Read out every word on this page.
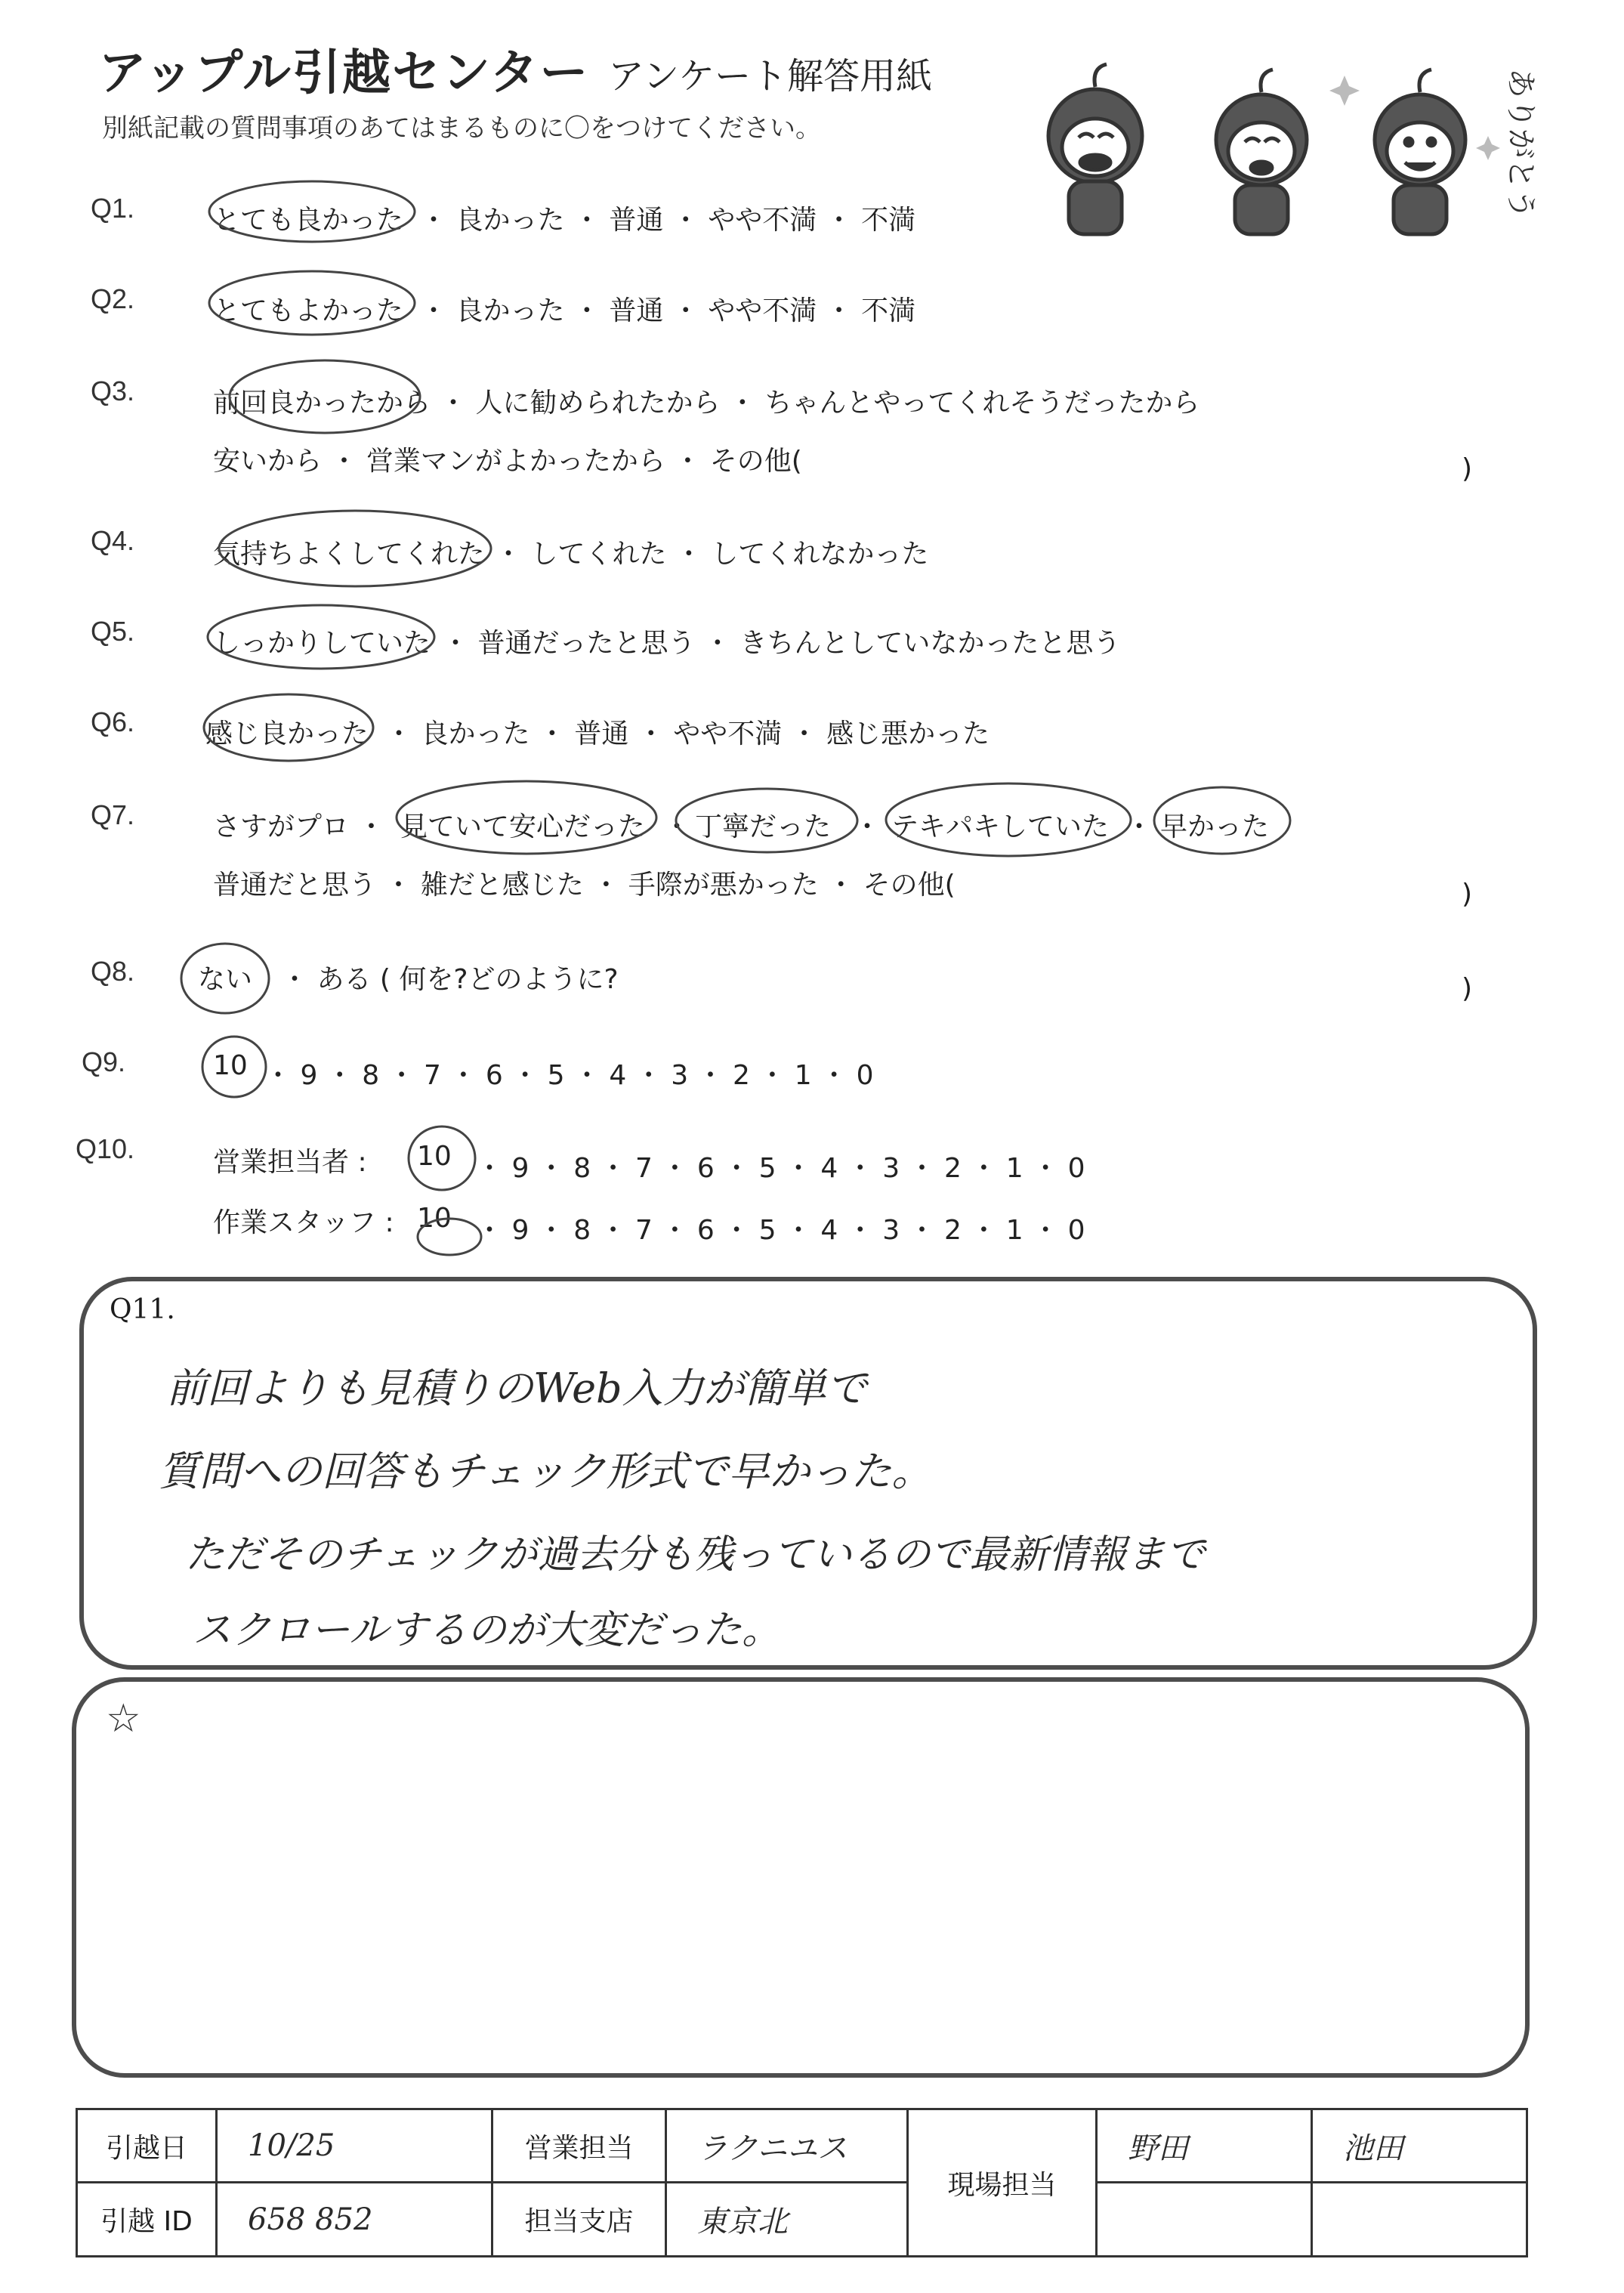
アップル引越センター アンケート解答用紙
別紙記載の質問事項のあてはまるものに〇をつけてください。	ありがとう
Q1.	とても良かった ・ 良かった ・ 普通 ・ やや不満 ・ 不満
Q2.	とてもよかった ・ 良かった ・ 普通 ・ やや不満 ・ 不満
Q3.	前回良かったから ・ 人に勧められたから ・ ちゃんとやってくれそうだったから
安いから ・ 営業マンがよかったから ・ その他(	)
Q4.	気持ちよくしてくれた ・ してくれた ・ してくれなかった
Q5.	しっかりしていた ・ 普通だったと思う ・ きちんとしていなかったと思う
Q6.	感じ良かった ・ 良かった ・ 普通 ・ やや不満 ・ 感じ悪かった
Q7.	さすがプロ ・ 見ていて安心だった ・ 丁寧だった ・ テキパキしていた ・ 早かった
普通だと思う ・ 雑だと感じた ・ 手際が悪かった ・ その他(	)
Q8. ない ・ ある ( 何を?どのように?	)
Q9.	10 ・ 9 ・ 8 ・ 7 ・ 6 ・ 5 ・ 4 ・ 3 ・ 2 ・ 1 ・ 0
Q10.	営業担当者 : 10 ・ 9 ・ 8 ・ 7 ・ 6 ・ 5 ・ 4 ・ 3 ・ 2 ・ 1 ・ 0
作業スタッフ : 10 ・ 9 ・ 8 ・ 7 ・ 6 ・ 5 ・ 4 ・ 3 ・ 2 ・ 1 ・ 0
Q11.
前回よりも見積りのWeb入力が簡単で
質問への回答もチェック形式で早かった。
ただそのチェックが過去分も残っているので最新情報まで
スクロールするのが大変だった。
☆
引越日	10/25	営業担当	ラクニユス	現場担当	野田	池田
引越 ID	658 852	担当支店	東京北			
